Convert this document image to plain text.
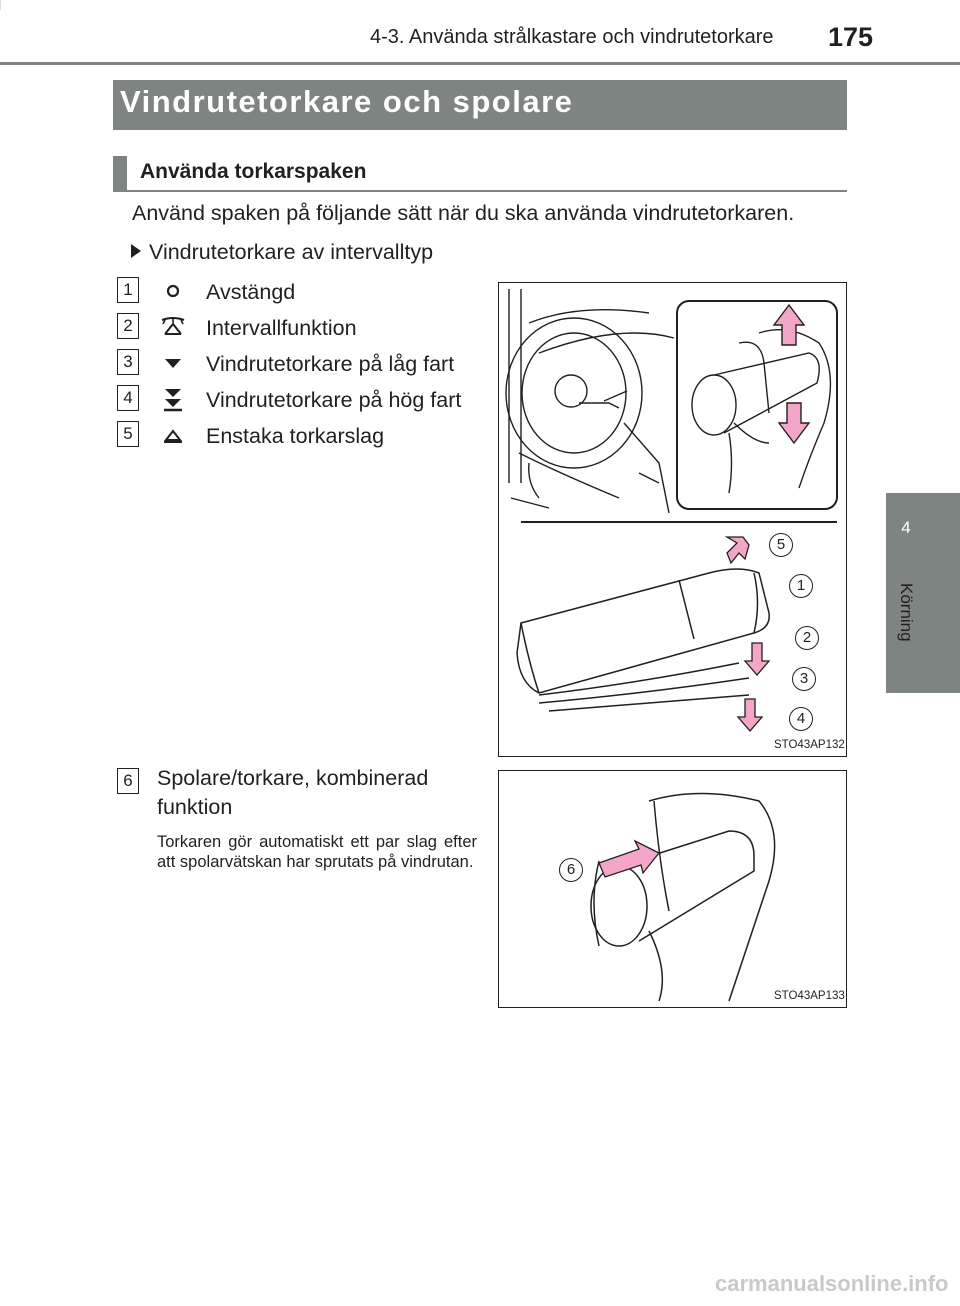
4-3. Använda strålkastare och vindrutetorkare 175
4
Körning
Vindrutetorkare och spolare
Använda torkarspaken
Använd spaken på följande sätt när du ska använda vindrutetorkaren.
Vindrutetorkare av intervalltyp
1	Avstängd
2	Intervallfunktion
3	Vindrutetorkare på låg fart
4	Vindrutetorkare på hög fart
5	Enstaka torkarslag
5
1
2
3
4
STO43AP132
6 Spolare/torkare, kombinerad funktion
Torkaren gör automatiskt ett par slag efter att spolarvätskan har sprutats på vindrutan.	6
STO43AP133
carmanualsonline.info
